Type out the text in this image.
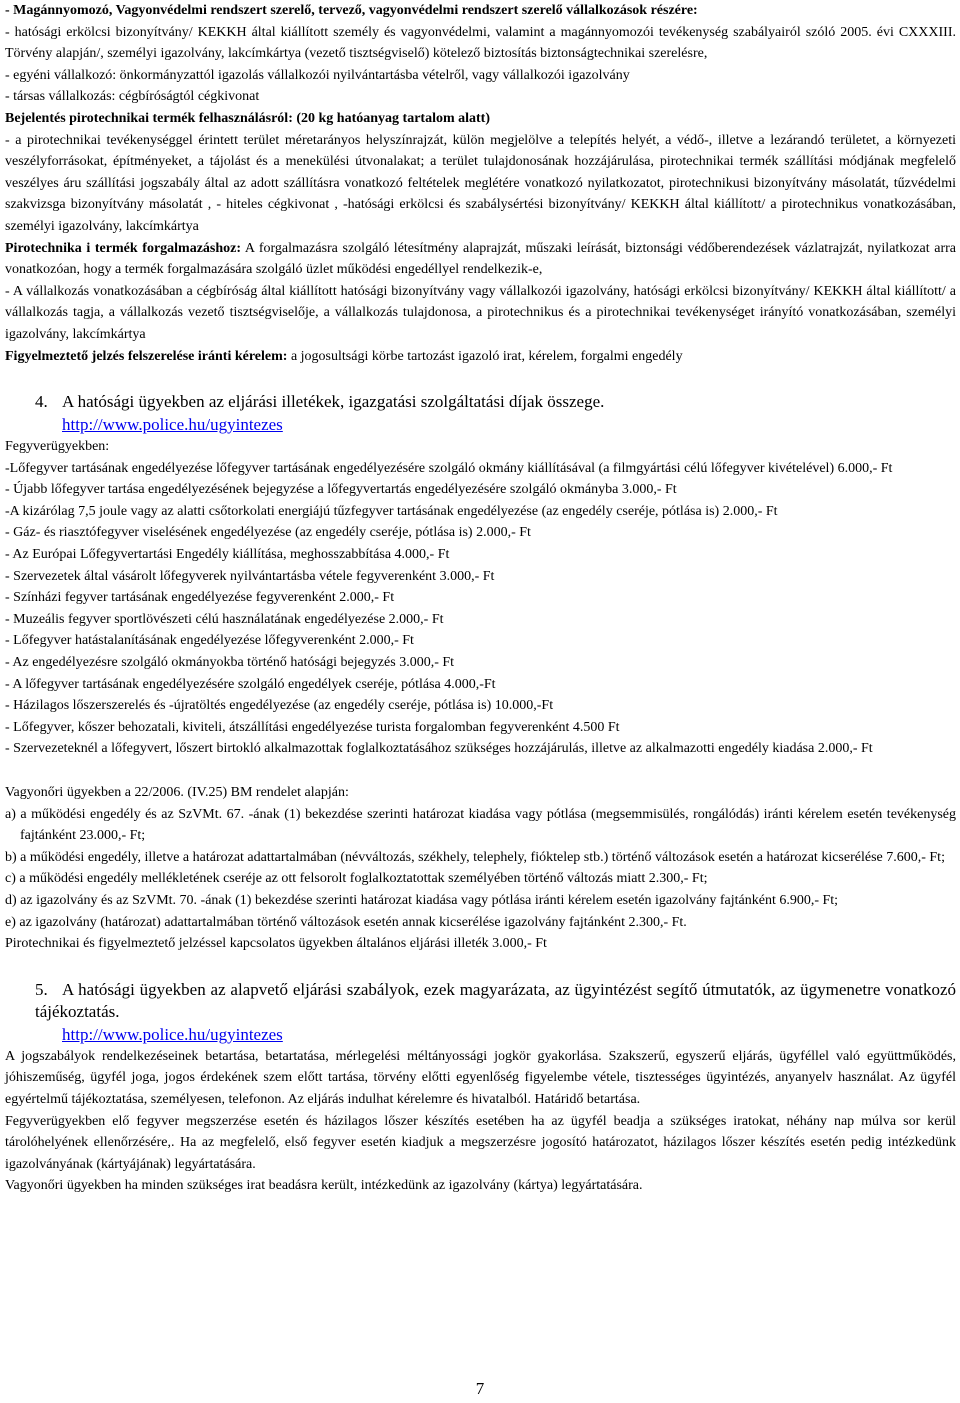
- Magánnyomozó, Vagyonvédelmi rendszert szerelő, tervező, vagyonvédelmi rendszert szerelő vállalkozások részére:

- hatósági erkölcsi bizonyítvány/ KEKKH által kiállított személy és vagyonvédelmi, valamint a magánnyomozói tevékenység szabályairól szóló 2005. évi CXXXIII. Törvény alapján/, személyi igazolvány, lakcímkártya (vezető tisztségviselő) kötelező biztosítás biztonságtechnikai szerelésre,

- egyéni vállalkozó: önkormányzattól igazolás vállalkozói nyilvántartásba vételről, vagy vállalkozói igazolvány

- társas vállalkozás: cégbíróságtól cégkivonat

Bejelentés pirotechnikai termék felhasználásról: (20 kg hatóanyag tartalom alatt)

- a pirotechnikai tevékenységgel érintett terület méretarányos helyszínrajzát, külön megjelölve a telepítés helyét, a védő-, illetve a lezárandó területet, a környezeti veszélyforrásokat, építményeket, a tájolást és a menekülési útvonalakat; a terület tulajdonosának hozzájárulása, pirotechnikai termék szállítási módjának megfelelő veszélyes áru szállítási jogszabály által az adott szállításra vonatkozó feltételek meglétére vonatkozó nyilatkozatot, pirotechnikusi bizonyítvány másolatát, tűzvédelmi szakvizsga bizonyítvány másolatát , - hiteles cégkivonat , -hatósági erkölcsi és szabálysértési bizonyítvány/ KEKKH által kiállított/ a pirotechnikus vonatkozásában, személyi igazolvány, lakcímkártya

Pirotechnika i termék forgalmazáshoz: A forgalmazásra szolgáló létesítmény alaprajzát, műszaki leírását, biztonsági védőberendezések vázlatrajzát, nyilatkozat arra vonatkozóan, hogy a termék forgalmazására szolgáló üzlet működési engedéllyel rendelkezik-e,

- A vállalkozás vonatkozásában a cégbíróság által kiállított hatósági bizonyítvány vagy vállalkozói igazolvány, hatósági erkölcsi bizonyítvány/ KEKKH által kiállított/ a vállalkozás tagja, a vállalkozás vezető tisztségviselője, a vállalkozás tulajdonosa, a pirotechnikus és a pirotechnikai tevékenységet irányító vonatkozásában, személyi igazolvány, lakcímkártya

Figyelmeztető jelzés felszerelése iránti kérelem: a jogosultsági körbe tartozást igazoló irat, kérelem, forgalmi engedély

4. A hatósági ügyekben az eljárási illetékek, igazgatási szolgáltatási díjak összege.

http://www.police.hu/ugyintezes

Fegyverügyekben:

-Lőfegyver tartásának engedélyezése lőfegyver tartásának engedélyezésére szolgáló okmány kiállításával (a filmgyártási célú lőfegyver kivételével) 6.000,- Ft

- Újabb lőfegyver tartása engedélyezésének bejegyzése a lőfegyvertartás engedélyezésére szolgáló okmányba 3.000,- Ft

-A kizárólag 7,5 joule vagy az alatti csőtorkolati energiájú tűzfegyver tartásának engedélyezése (az engedély cseréje, pótlása is) 2.000,- Ft

- Gáz- és riasztófegyver viselésének engedélyezése (az engedély cseréje, pótlása is) 2.000,- Ft

- Az Európai Lőfegyvertartási Engedély kiállítása, meghosszabbítása 4.000,- Ft

- Szervezetek által vásárolt lőfegyverek nyilvántartásba vétele fegyverenként 3.000,- Ft

- Színházi fegyver tartásának engedélyezése fegyverenként 2.000,- Ft

- Muzeális fegyver sportlövészeti célú használatának engedélyezése 2.000,- Ft

- Lőfegyver hatástalanításának engedélyezése lőfegyverenként 2.000,- Ft

- Az engedélyezésre szolgáló okmányokba történő hatósági bejegyzés 3.000,- Ft

- A lőfegyver tartásának engedélyezésére szolgáló engedélyek cseréje, pótlása 4.000,-Ft

- Házilagos lőszerszerelés és -újratöltés engedélyezése (az engedély cseréje, pótlása is) 10.000,-Ft

- Lőfegyver, kőszer behozatali, kiviteli, átszállítási engedélyezése turista forgalomban fegyverenként 4.500 Ft

- Szervezeteknél a lőfegyvert, lőszert birtokló alkalmazottak foglalkoztatásához szükséges hozzájárulás, illetve az alkalmazotti engedély kiadása 2.000,- Ft

Vagyonőri ügyekben a 22/2006. (IV.25) BM rendelet alapján:

a) a működési engedély és az SzVMt. 67. -ának (1) bekezdése szerinti határozat kiadása vagy pótlása (megsemmisülés, rongálódás) iránti kérelem esetén tevékenység fajtánként 23.000,- Ft;

b) a működési engedély, illetve a határozat adattartalmában (névváltozás, székhely, telephely, fióktelep stb.) történő változások esetén a határozat kicserélése 7.600,- Ft;

c) a működési engedély mellékletének cseréje az ott felsorolt foglalkoztatottak személyében történő változás miatt 2.300,- Ft;

d) az igazolvány és az SzVMt. 70. -ának (1) bekezdése szerinti határozat kiadása vagy pótlása iránti kérelem esetén igazolvány fajtánként 6.900,- Ft;

e) az igazolvány (határozat) adattartalmában történő változások esetén annak kicserélése igazolvány fajtánként 2.300,- Ft.

Pirotechnikai és figyelmeztető jelzéssel kapcsolatos ügyekben általános eljárási illeték 3.000,- Ft

5. A hatósági ügyekben az alapvető eljárási szabályok, ezek magyarázata, az ügyintézést segítő útmutatók, az ügymenetre vonatkozó tájékoztatás.

http://www.police.hu/ugyintezes

A jogszabályok rendelkezéseinek betartása, betartatása, mérlegelési méltányossági jogkör gyakorlása. Szakszerű, egyszerű eljárás, ügyféllel való együttműködés, jóhiszeműség, ügyfél joga, jogos érdekének szem előtt tartása, törvény előtti egyenlőség figyelembe vétele, tisztességes ügyintézés, anyanyelv használat. Az ügyfél egyértelmű tájékoztatása, személyesen, telefonon. Az eljárás indulhat kérelemre és hivatalból. Határidő betartása.

Fegyverügyekben elő fegyver megszerzése esetén és házilagos lőszer készítés esetében ha az ügyfél beadja a szükséges iratokat, néhány nap múlva sor kerül tárolóhelyének ellenőrzésére,. Ha az megfelelő, első fegyver esetén kiadjuk a megszerzésre jogosító határozatot, házilagos lőszer készítés esetén pedig intézkedünk igazolványának (kártyájának) legyártatására.

Vagyonőri ügyekben ha minden szükséges irat beadásra került, intézkedünk az igazolvány (kártya) legyártatására.

7
